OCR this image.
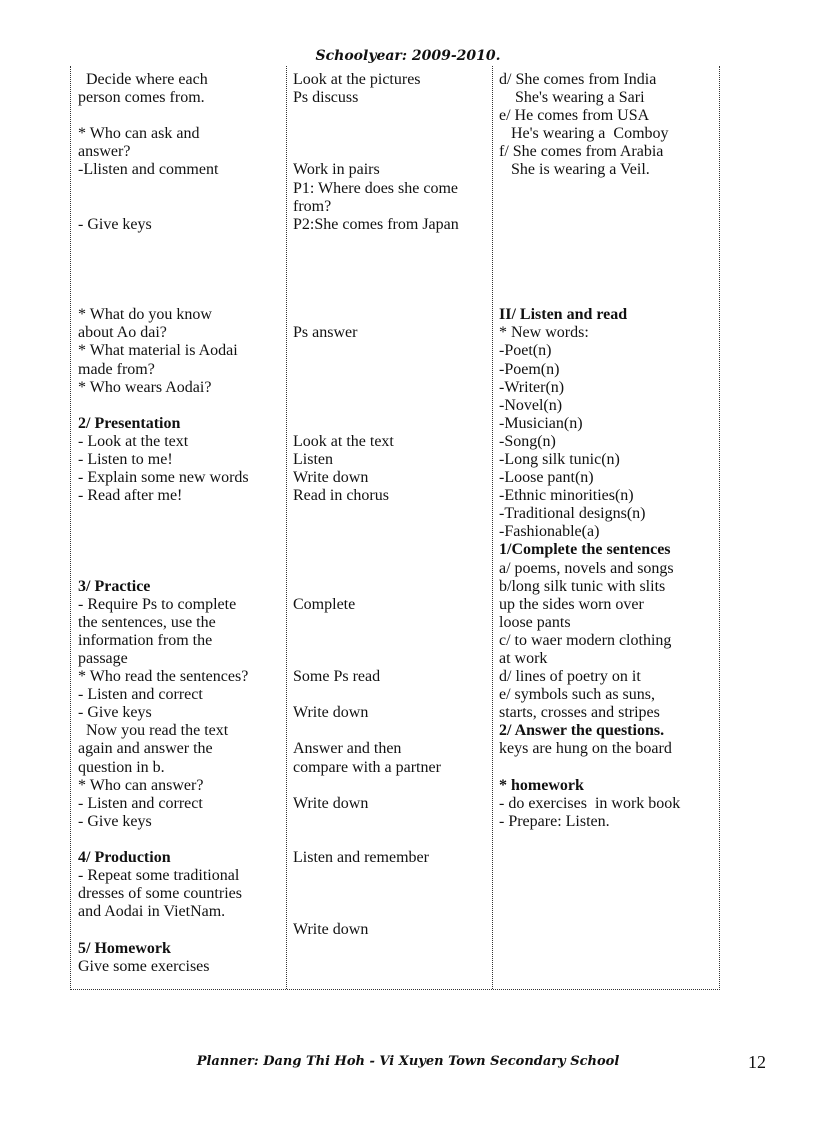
Schoolyear: 2009-2010.
Decide where each
person comes from.
* Who can ask and
answer?
-Llisten and comment
- Give keys
* What do you know
about Ao dai?
* What material is Aodai
made from?
* Who wears Aodai?
2/ Presentation
- Look at the text
- Listen to me!
- Explain some new words
- Read after me!
3/ Practice
- Require Ps to complete
the sentences, use the
information from the
passage
* Who read the sentences?
- Listen and correct
- Give keys
Now you read the text
again and answer the
question in b.
* Who can answer?
- Listen and correct
- Give keys
4/ Production
- Repeat some traditional
dresses of some countries
and Aodai in VietNam.
5/ Homework
Give some exercises
Look at the pictures
Ps discuss
Work in pairs
P1: Where does she come
from?
P2:She comes from Japan
Ps answer
Look at the text
Listen
Write down
Read in chorus
Complete
Some Ps read
Write down
Answer and then
compare with a partner
Write down
Listen and remember
Write down
d/ She comes from India
She's wearing a Sari
e/ He comes from USA
He's wearing a  Comboy
f/ She comes from Arabia
She is wearing a Veil.
II/ Listen and read
* New words:
-Poet(n)
-Poem(n)
-Writer(n)
-Novel(n)
-Musician(n)
-Song(n)
-Long silk tunic(n)
-Loose pant(n)
-Ethnic minorities(n)
-Traditional designs(n)
-Fashionable(a)
1/Complete the sentences
a/ poems, novels and songs
b/long silk tunic with slits
up the sides worn over
loose pants
c/ to waer modern clothing
at work
d/ lines of poetry on it
e/ symbols such as suns,
starts, crosses and stripes
2/ Answer the questions.
keys are hung on the board
* homework
- do exercises  in work book
- Prepare: Listen.
Planner: Dang Thi Hoh - Vi Xuyen Town Secondary School	12
